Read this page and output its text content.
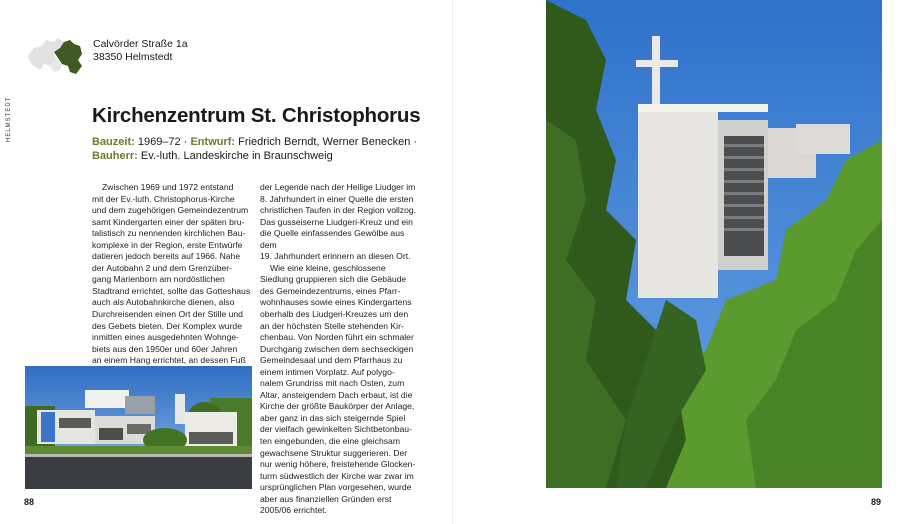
Calvörder Straße 1a
38350 Helmstedt
HELMSTEDT	Kirchenzentrum St. Christophorus
Bauzeit: 1969–72 · Entwurf: Friedrich Berndt, Werner Benecken ·
Bauherr: Ev.-luth. Landeskirche in Braunschweig

Zwischen 1969 und 1972 entstand
mit der Ev.-luth. Christophorus-Kirche
und dem zugehörigen Gemeindezentrum
samt Kindergarten einer der späten bru-
talistisch zu nennenden kirchlichen Bau-
komplexe in der Region, erste Entwürfe
datieren jedoch bereits auf 1966. Nahe
der Autobahn 2 und dem Grenzüber-
gang Marienborn am nordöstlichen
Stadtrand errichtet, sollte das Gotteshaus
auch als Autobahnkirche dienen, also
Durchreisenden einen Ort der Stille und
des Gebets bieten. Der Komplex wurde
inmitten eines ausgedehnten Wohnge-
biets aus den 1950er und 60er Jahren
an einem Hang errichtet, an dessen Fuß

der Legende nach der Heilige Liudger im
8. Jahrhundert in einer Quelle die ersten
christlichen Taufen in der Region vollzog.
Das gusseiserne Liudgeri-Kreuz und ein
die Quelle einfassendes Gewölbe aus dem
19. Jahrhundert erinnern an diesen Ort.

Wie eine kleine, geschlossene
Siedlung gruppieren sich die Gebäude
des Gemeindezentrums, eines Pfarr-
wohnhauses sowie eines Kindergartens
oberhalb des Liudgeri-Kreuzes um den
an der höchsten Stelle stehenden Kir-
chenbau. Von Norden führt ein schmaler
Durchgang zwischen dem sechseckigen
Gemeindesaal und dem Pfarrhaus zu
einem intimen Vorplatz. Auf polygo-
nalem Grundriss mit nach Osten, zum
Altar, ansteigendem Dach erbaut, ist die
Kirche der größte Baukörper der Anlage,
aber ganz in das sich steigernde Spiel
der vielfach gewinkelten Sichtbetonbau-
ten eingebunden, die eine gleichsam
gewachsene Struktur suggerieren. Der
nur wenig höhere, freistehende Glocken-
turm südwestlich der Kirche war zwar im
ursprünglichen Plan vorgesehen, wurde
aber aus finanziellen Gründen erst
2005/06 errichtet.

88	89
